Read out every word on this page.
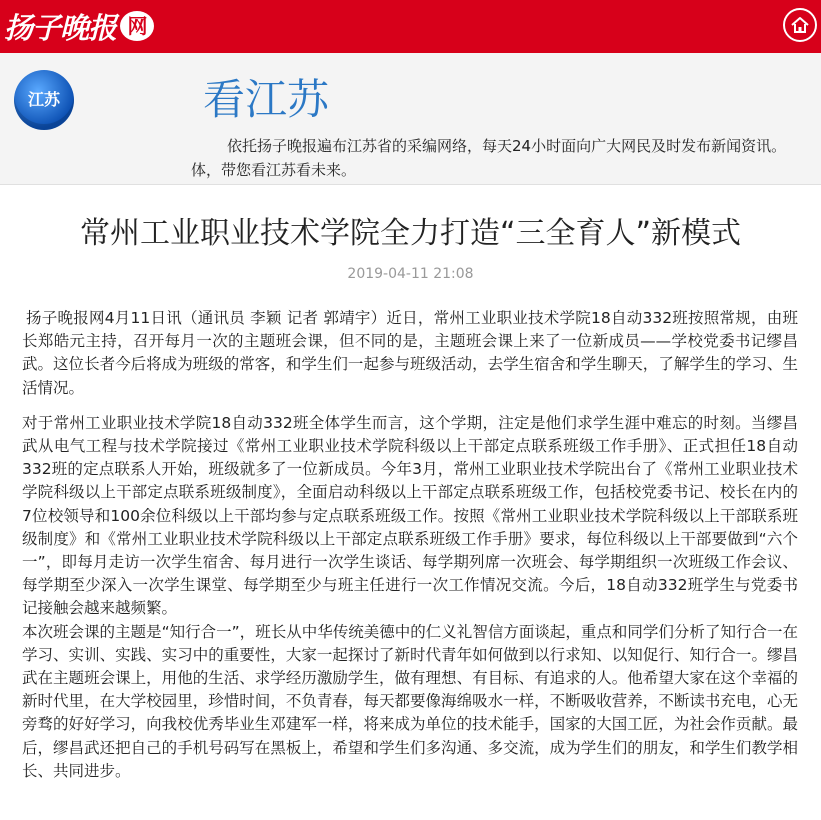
扬子晚报 网
江苏	看江苏
依托扬子晚报遍布江苏省的采编网络，每天24小时面向广大网民及时发布新闻资讯。
体，带您看江苏看未来。
常州工业职业技术学院全力打造“三全育人”新模式
2019-04-11 21:08

扬子晚报网4月11日讯（通讯员 李颖 记者 郭靖宇）近日，常州工业职业技术学院18自动332班按照常规，由班长郑皓元主持，召开每月一次的主题班会课，但不同的是，主题班会课上来了一位新成员——学校党委书记缪昌武。这位长者今后将成为班级的常客，和学生们一起参与班级活动，去学生宿舍和学生聊天，了解学生的学习、生活情况。

对于常州工业职业技术学院18自动332班全体学生而言，这个学期，注定是他们求学生涯中难忘的时刻。当缪昌武从电气工程与技术学院接过《常州工业职业技术学院科级以上干部定点联系班级工作手册》、正式担任18自动332班的定点联系人开始，班级就多了一位新成员。今年3月，常州工业职业技术学院出台了《常州工业职业技术学院科级以上干部定点联系班级制度》，全面启动科级以上干部定点联系班级工作，包括校党委书记、校长在内的7位校领导和100余位科级以上干部均参与定点联系班级工作。按照《常州工业职业技术学院科级以上干部联系班级制度》和《常州工业职业技术学院科级以上干部定点联系班级工作手册》要求，每位科级以上干部要做到“六个一”，即每月走访一次学生宿舍、每月进行一次学生谈话、每学期列席一次班会、每学期组织一次班级工作会议、每学期至少深入一次学生课堂、每学期至少与班主任进行一次工作情况交流。今后，18自动332班学生与党委书记接触会越来越频繁。

本次班会课的主题是“知行合一”，班长从中华传统美德中的仁义礼智信方面谈起，重点和同学们分析了知行合一在学习、实训、实践、实习中的重要性，大家一起探讨了新时代青年如何做到以行求知、以知促行、知行合一。缪昌武在主题班会课上，用他的生活、求学经历激励学生，做有理想、有目标、有追求的人。他希望大家在这个幸福的新时代里，在大学校园里，珍惜时间，不负青春，每天都要像海绵吸水一样，不断吸收营养，不断读书充电，心无旁骛的好好学习，向我校优秀毕业生邓建军一样，将来成为单位的技术能手，国家的大国工匠，为社会作贡献。最后，缪昌武还把自己的手机号码写在黑板上，希望和学生们多沟通、多交流，成为学生们的朋友，和学生们教学相长、共同进步。
